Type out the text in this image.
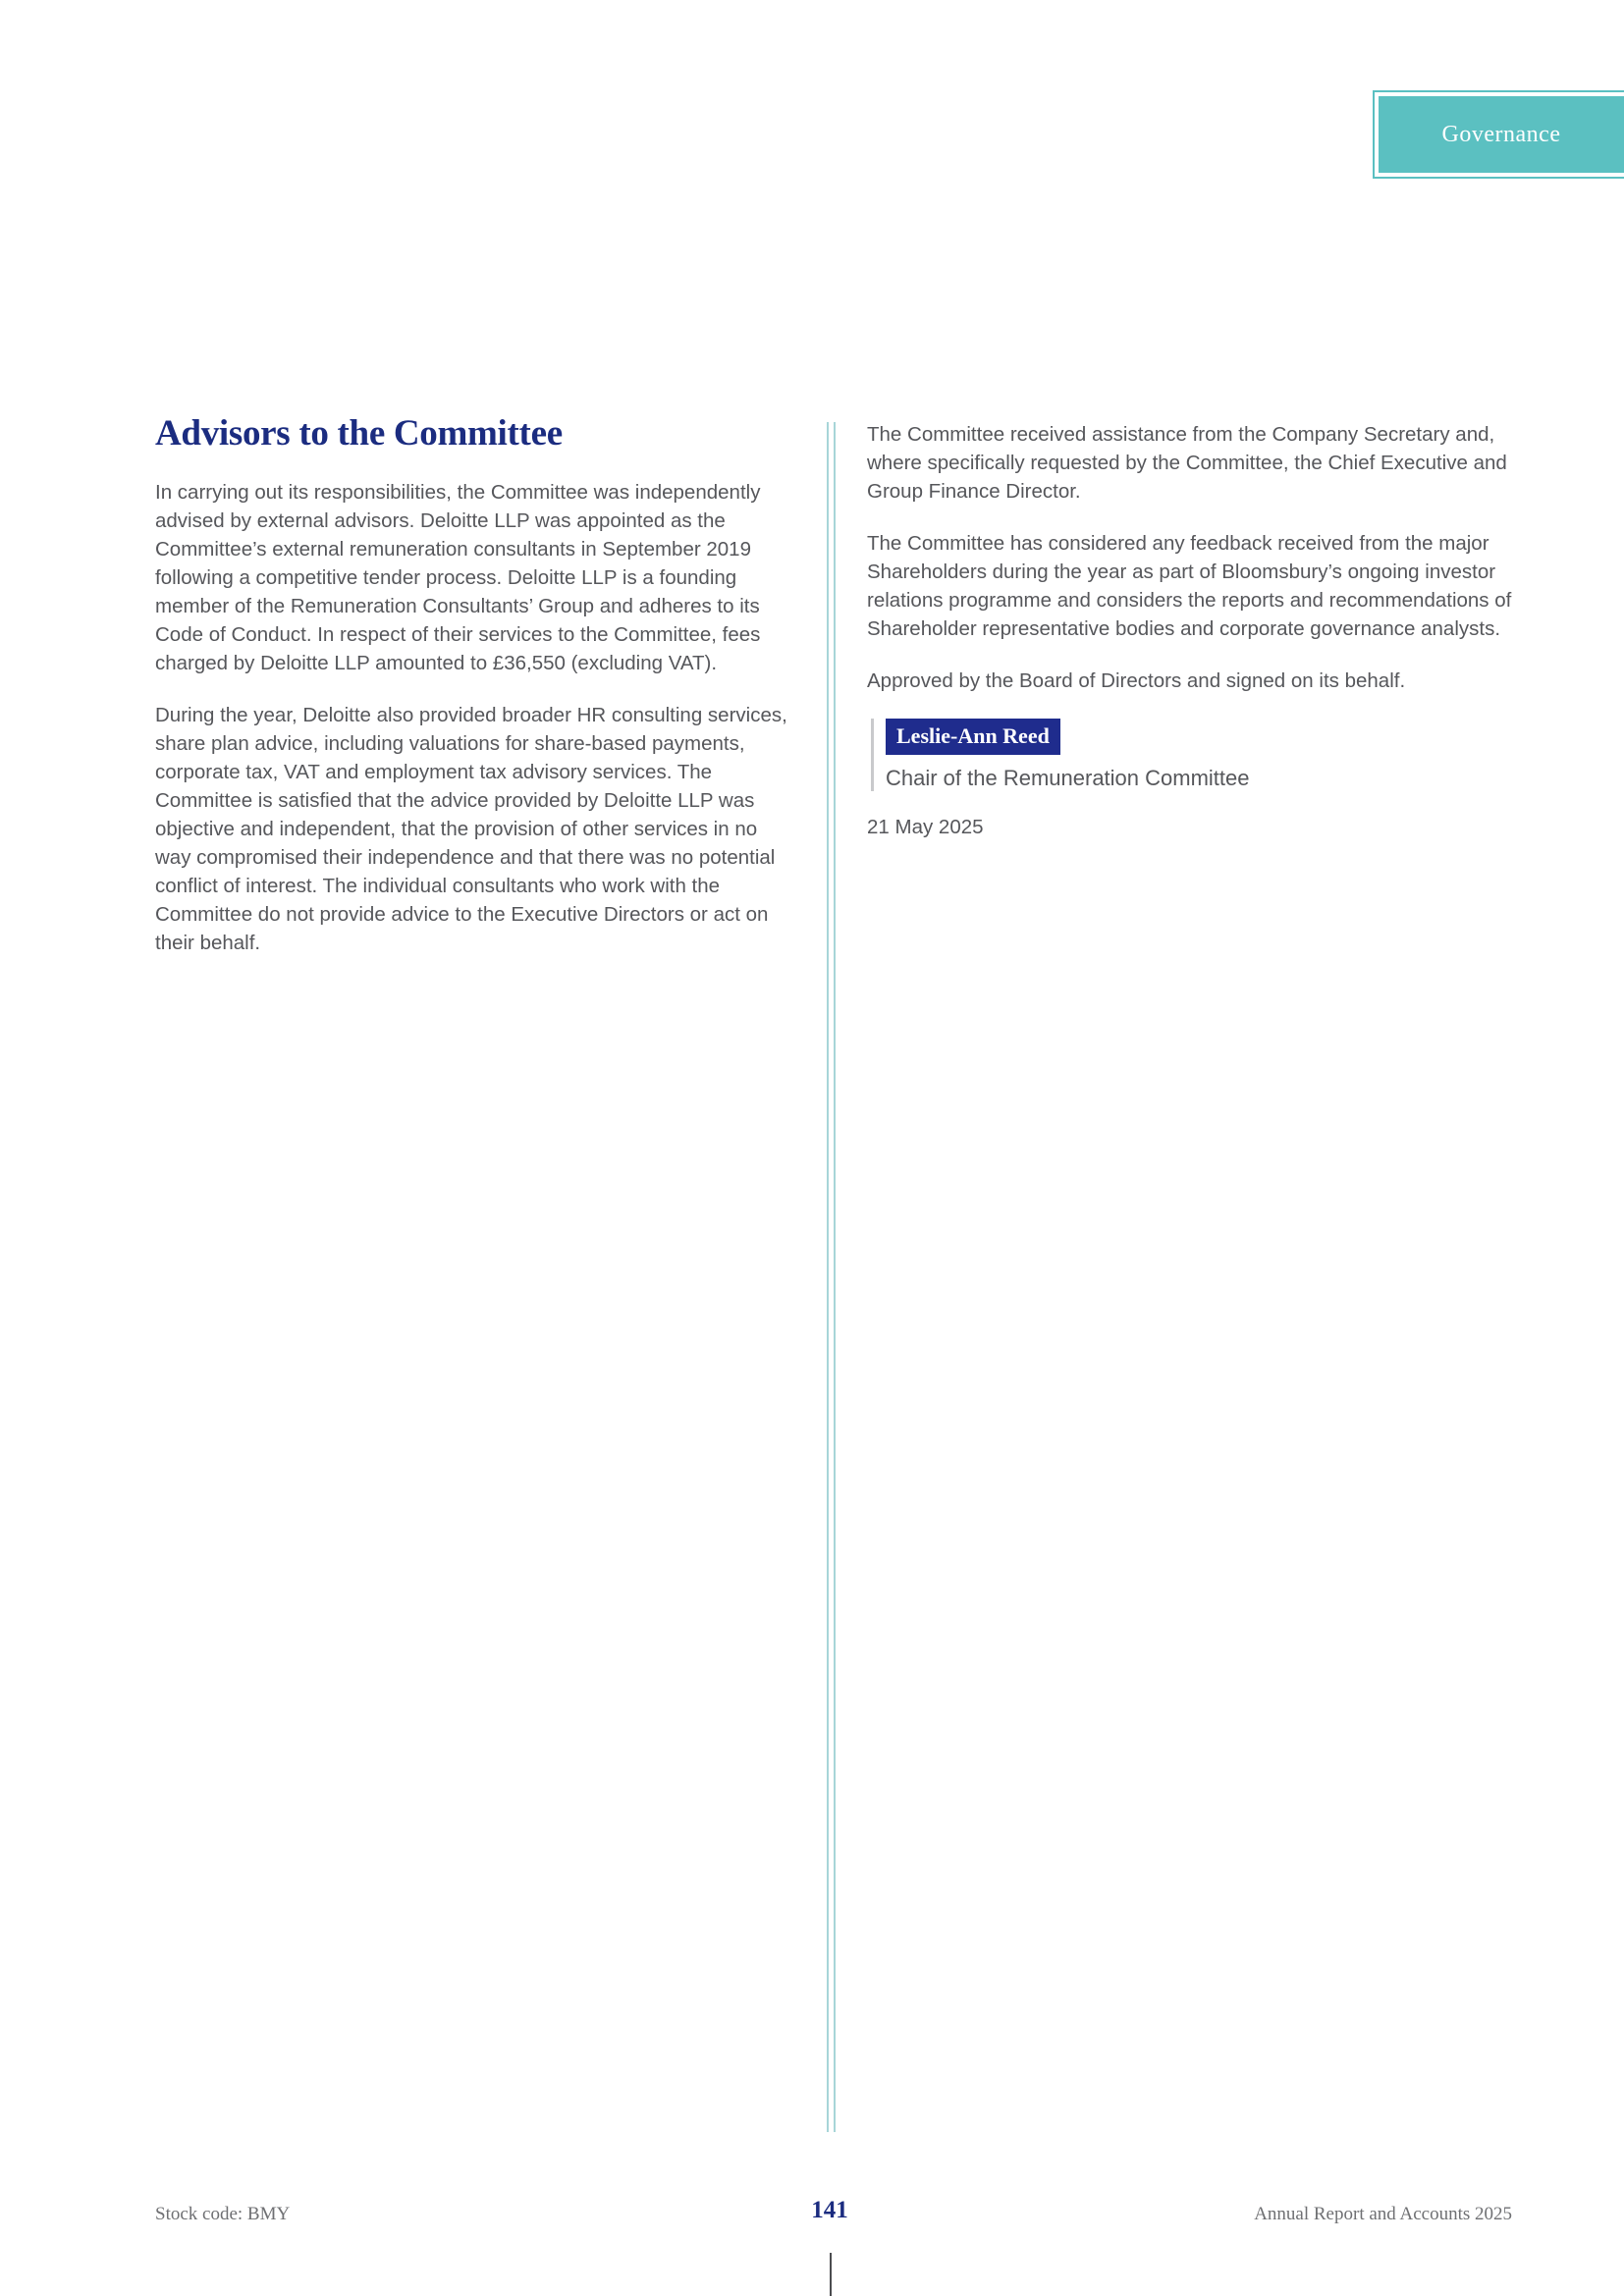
Governance
Advisors to the Committee

In carrying out its responsibilities, the Committee was independently advised by external advisors. Deloitte LLP was appointed as the Committee’s external remuneration consultants in September 2019 following a competitive tender process. Deloitte LLP is a founding member of the Remuneration Consultants’ Group and adheres to its Code of Conduct. In respect of their services to the Committee, fees charged by Deloitte LLP amounted to £36,550 (excluding VAT).

During the year, Deloitte also provided broader HR consulting services, share plan advice, including valuations for share-based payments, corporate tax, VAT and employment tax advisory services. The Committee is satisfied that the advice provided by Deloitte LLP was objective and independent, that the provision of other services in no way compromised their independence and that there was no potential conflict of interest. The individual consultants who work with the Committee do not provide advice to the Executive Directors or act on their behalf.

The Committee received assistance from the Company Secretary and, where specifically requested by the Committee, the Chief Executive and Group Finance Director.

The Committee has considered any feedback received from the major Shareholders during the year as part of Bloomsbury’s ongoing investor relations programme and considers the reports and recommendations of Shareholder representative bodies and corporate governance analysts.

Approved by the Board of Directors and signed on its behalf.

Leslie-Ann Reed
Chair of the Remuneration Committee
21 May 2025
Stock code: BMY	141	Annual Report and Accounts 2025
